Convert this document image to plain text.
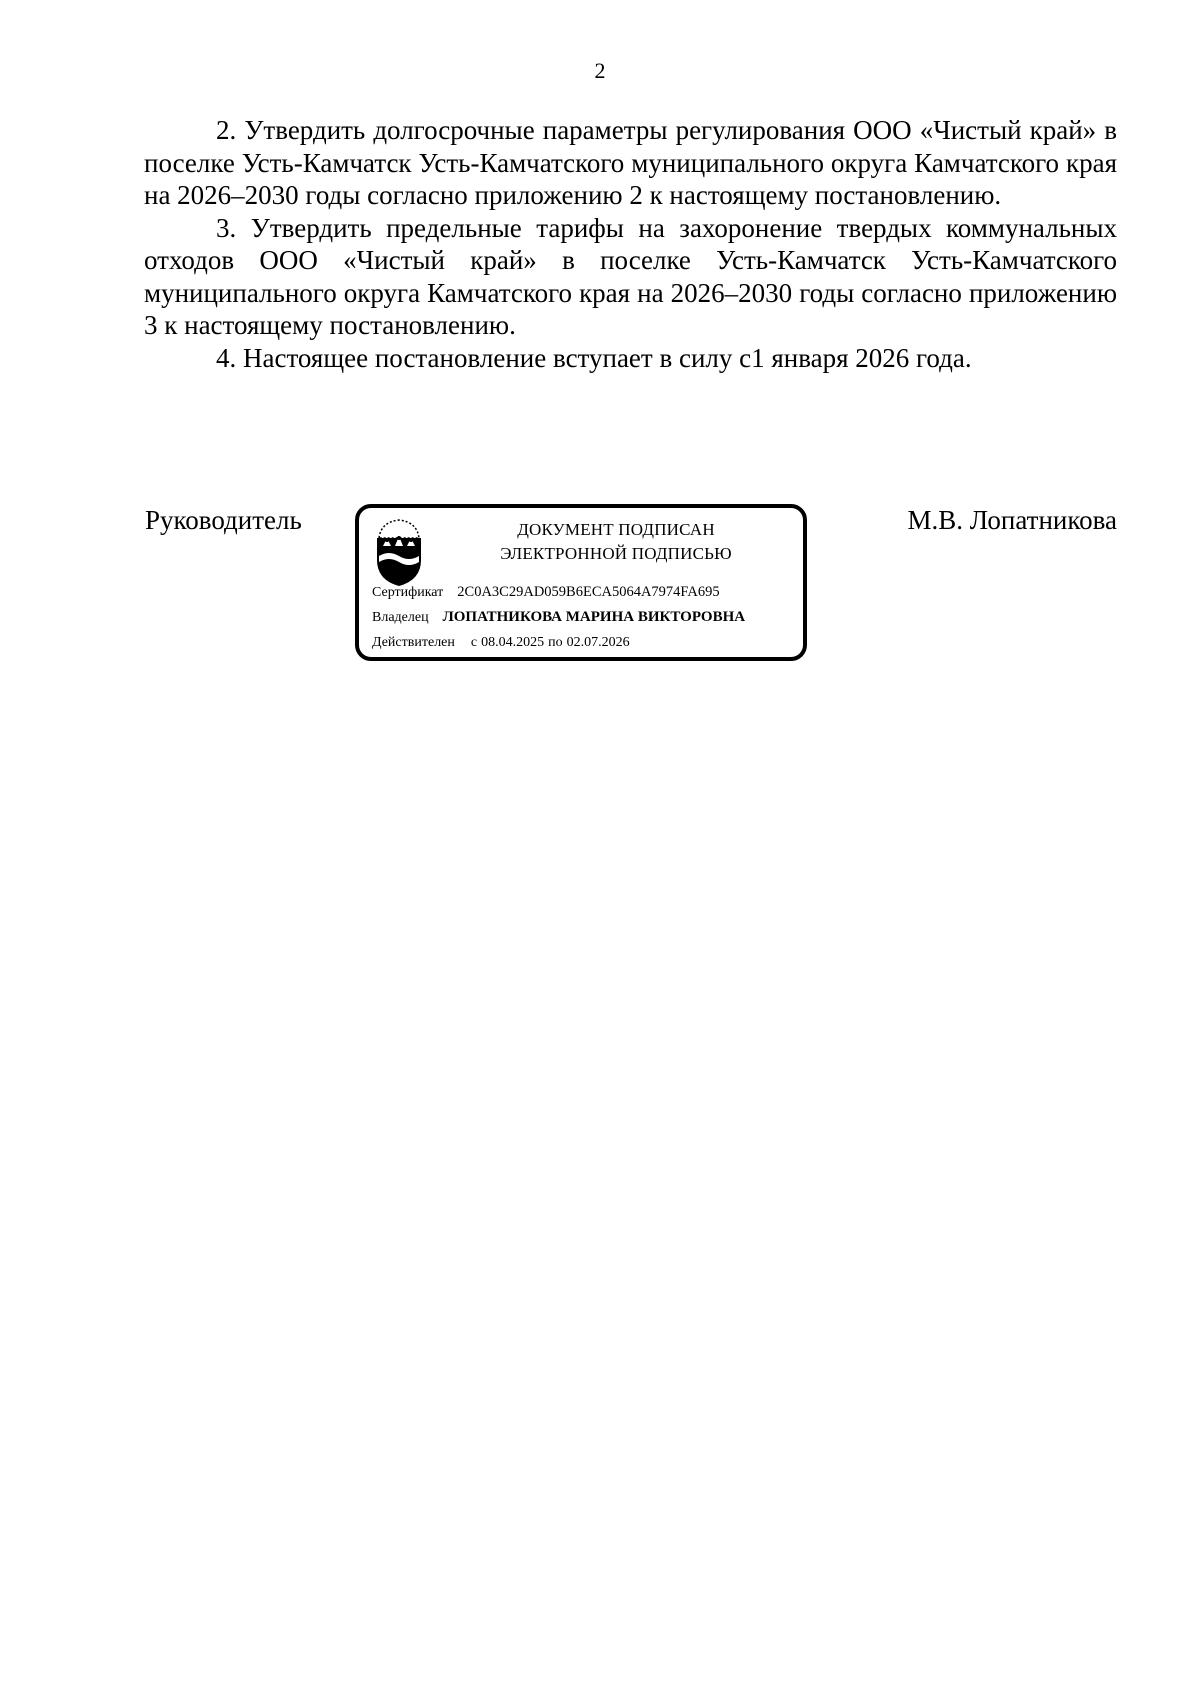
2

2. Утвердить долгосрочные параметры регулирования ООО «Чистый край» в поселке Усть-Камчатск Усть-Камчатского муниципального округа Камчатского края на 2026–2030 годы согласно приложению 2 к настоящему постановлению.

3. Утвердить предельные тарифы на захоронение твердых коммунальных отходов ООО «Чистый край» в поселке Усть-Камчатск Усть-Камчатского муниципального округа Камчатского края на 2026–2030 годы согласно приложению 3 к настоящему постановлению.

4. Настоящее постановление вступает в силу с1 января 2026 года.

Руководитель	ДОКУМЕНТ ПОДПИСАН
ЭЛЕКТРОННОЙ ПОДПИСЬЮ
Сертификат 2C0A3C29AD059B6ECA5064A7974FA695
Владелец ЛОПАТНИКОВА МАРИНА ВИКТОРОВНА
Действителен с 08.04.2025 по 02.07.2026
М.В. Лопатникова
